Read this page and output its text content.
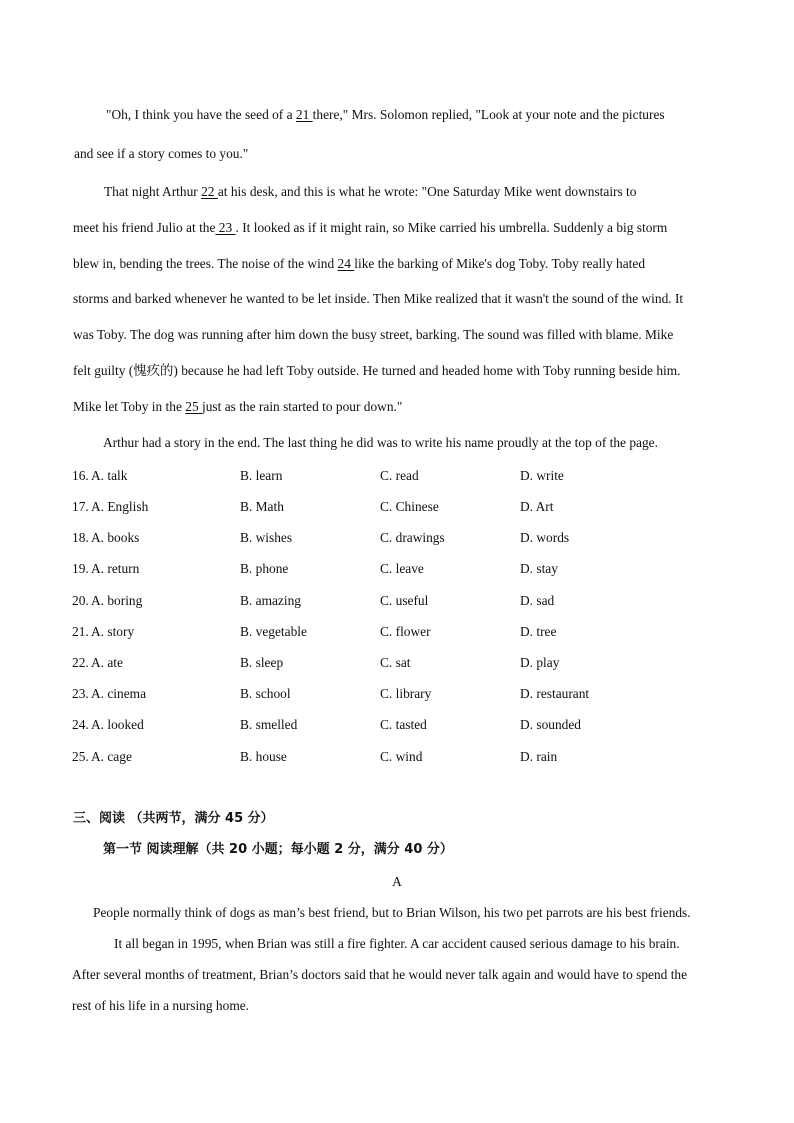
"Oh, I think you have the seed of a 21 there," Mrs. Solomon replied, "Look at your note and the pictures
and see if a story comes to you."
That night Arthur 22 at his desk, and this is what he wrote: "One Saturday Mike went downstairs to
meet his friend Julio at the 23 . It looked as if it might rain, so Mike carried his umbrella. Suddenly a big storm
blew in, bending the trees. The noise of the wind 24 like the barking of Mike's dog Toby. Toby really hated
storms and barked whenever he wanted to be let inside. Then Mike realized that it wasn't the sound of the wind. It
was Toby. The dog was running after him down the busy street, barking. The sound was filled with blame. Mike
felt guilty (愧疚的) because he had left Toby outside. He turned and headed home with Toby running beside him.
Mike let Toby in the 25 just as the rain started to pour down."
Arthur had a story in the end. The last thing he did was to write his name proudly at the top of the page.
16. A. talk	B. learn	C. read	D. write
17. A. English	B. Math	C. Chinese	D. Art
18. A. books	B. wishes	C. drawings	D. words
19. A. return	B. phone	C. leave	D. stay
20. A. boring	B. amazing	C. useful	D. sad
21. A. story	B. vegetable	C. flower	D. tree
22. A. ate	B. sleep	C. sat	D. play
23. A. cinema	B. school	C. library	D. restaurant
24. A. looked	B. smelled	C. tasted	D. sounded
25. A. cage	B. house	C. wind	D. rain
三、阅读 （共两节，满分 45 分）
第一节 阅读理解（共 20 小题；每小题 2 分，满分 40 分）
A
People normally think of dogs as man’s best friend, but to Brian Wilson, his two pet parrots are his best friends.
It all began in 1995, when Brian was still a fire fighter. A car accident caused serious damage to his brain.
After several months of treatment, Brian’s doctors said that he would never talk again and would have to spend the
rest of his life in a nursing home.
